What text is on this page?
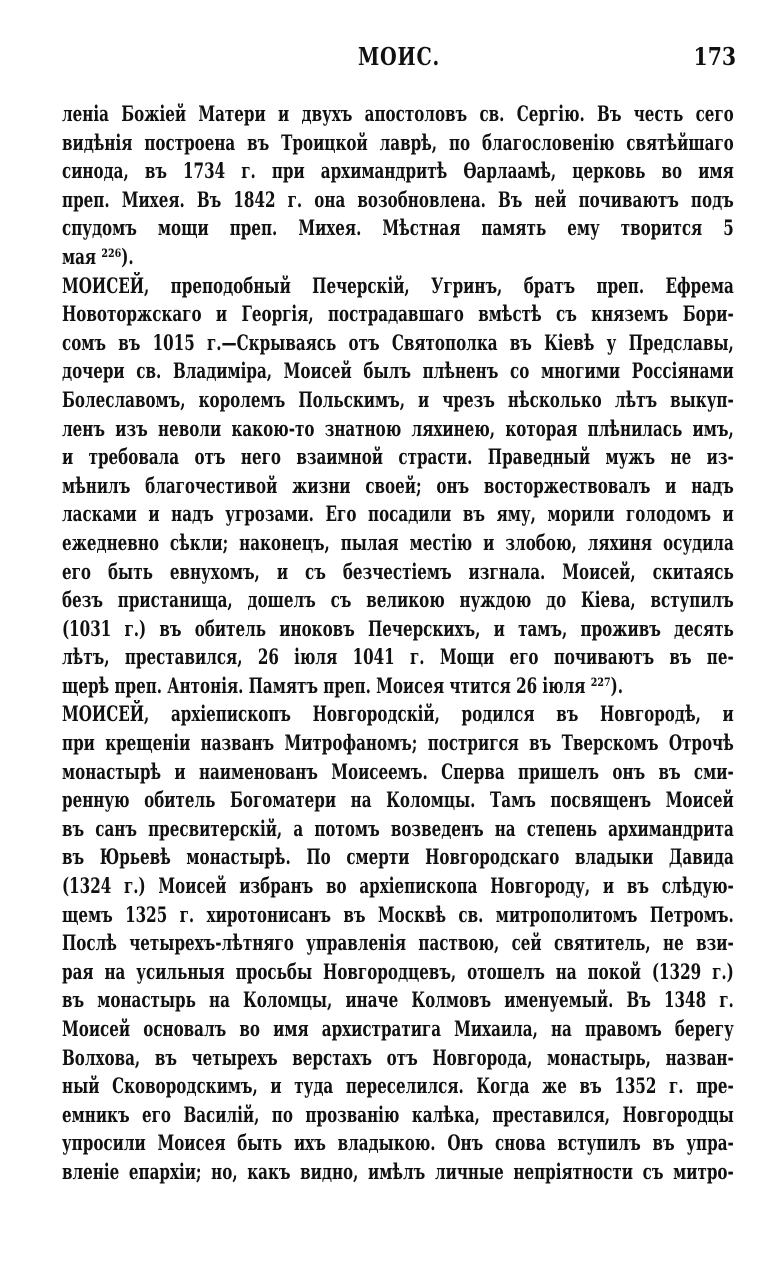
МОИС.	173
леніа Божіей Матери и двухъ апостоловъ св. Сергію. Въ честь сего
видѣнія построена въ Троицкой лаврѣ, по благословенію святѣйшаго
синода, въ 1734 г. при архимандритѣ Ѳарлаамѣ, церковь во имя
преп. Михея. Въ 1842 г. она возобновлена. Въ ней почиваютъ подъ
спудомъ мощи преп. Михея. Мѣстная память ему творится 5
мая ²²⁶).
МОИСЕЙ, преподобный Печерскій, Угринъ, братъ преп. Ефрема
Новоторжскаго и Георгія, пострадавшаго вмѣстѣ съ княземъ Бори-
сомъ въ 1015 г.—Скрываясь отъ Святополка въ Кіевѣ у Предславы,
дочери св. Владиміра, Моисей былъ плѣненъ со многими Россіянами
Болеславомъ, королемъ Польскимъ, и чрезъ нѣсколько лѣтъ выкуп-
ленъ изъ неволи какою-то знатною ляхинею, которая плѣнилась имъ,
и требовала отъ него взаимной страсти. Праведный мужъ не из-
мѣнилъ благочестивой жизни своей; онъ восторжествовалъ и надъ
ласками и надъ угрозами. Его посадили въ яму, морили голодомъ и
ежедневно сѣкли; наконецъ, пылая местію и злобою, ляхиня осудила
его быть евнухомъ, и съ безчестіемъ изгнала. Моисей, скитаясь
безъ пристанища, дошелъ съ великою нуждою до Кіева, вступилъ
(1031 г.) въ обитель иноковъ Печерскихъ, и тамъ, проживъ десять
лѣтъ, преставился, 26 іюля 1041 г. Мощи его почиваютъ въ пе-
щерѣ преп. Антонія. Памятъ преп. Моисея чтится 26 іюля ²²⁷).
МОИСЕЙ, архіепископъ Новгородскій, родился въ Новгородѣ, и
при крещеніи названъ Митрофаномъ; постригся въ Тверскомъ Отрочѣ
монастырѣ и наименованъ Моисеемъ. Сперва пришелъ онъ въ сми-
ренную обитель Богоматери на Коломцы. Тамъ посвященъ Моисей
въ санъ пресвитерскій, а потомъ возведенъ на степень архимандрита
въ Юрьевѣ монастырѣ. По смерти Новгородскаго владыки Давида
(1324 г.) Моисей избранъ во архіепископа Новгороду, и въ слѣдую-
щемъ 1325 г. хиротонисанъ въ Москвѣ св. митрополитомъ Петромъ.
Послѣ четырехъ-лѣтняго управленія паствою, сей святитель, не взи-
рая на усильныя просьбы Новгородцевъ, отошелъ на покой (1329 г.)
въ монастырь на Коломцы, иначе Колмовъ именуемый. Въ 1348 г.
Моисей основалъ во имя архистратига Михаила, на правомъ берегу
Волхова, въ четырехъ верстахъ отъ Новгорода, монастырь, назван-
ный Сковородскимъ, и туда переселился. Когда же въ 1352 г. пре-
емникъ его Василій, по прозванію калѣка, преставился, Новгородцы
упросили Моисея быть ихъ владыкою. Онъ снова вступилъ въ упра-
вленіе епархіи; но, какъ видно, имѣлъ личные непріятности съ митро-
